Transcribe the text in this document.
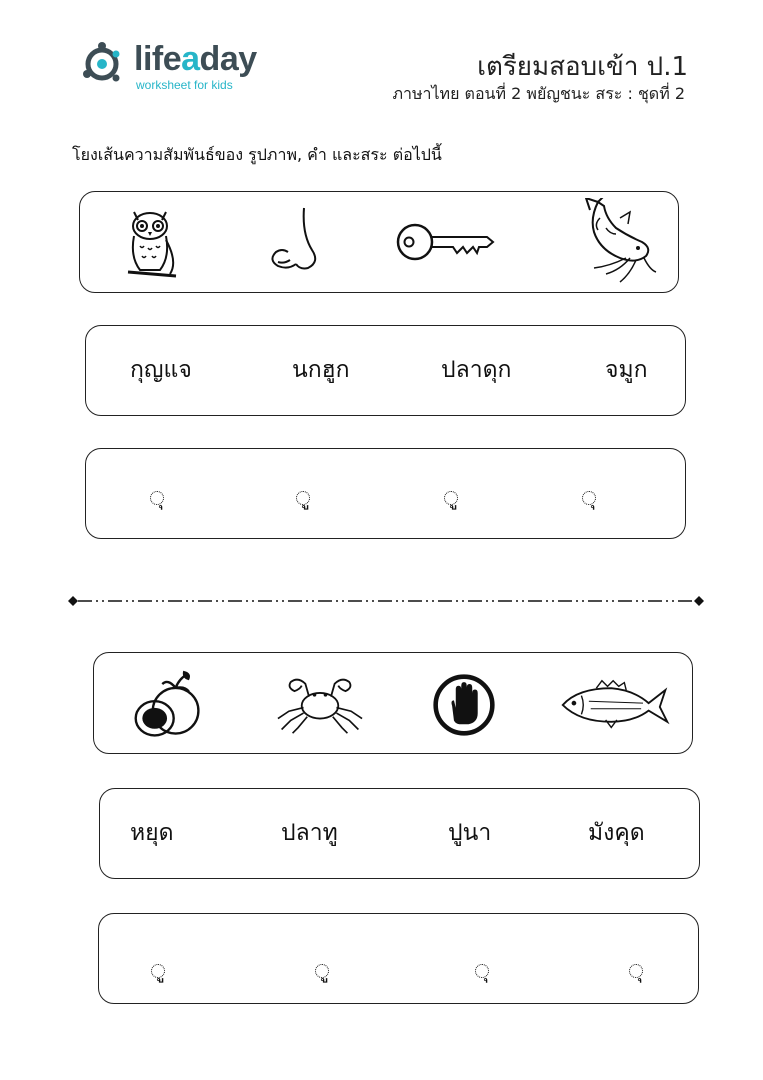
lifeaday
worksheet for kids
เตรียมสอบเข้า ป.1
ภาษาไทย ตอนที่ 2 พยัญชนะ สระ : ชุดที่ 2
โยงเส้นความสัมพันธ์ของ รูปภาพ, คำ และสระ ต่อไปนี้
กุญแจ	นกฮูก	ปลาดุก	จมูก
หยุด	ปลาทู	ปูนา	มังคุด
